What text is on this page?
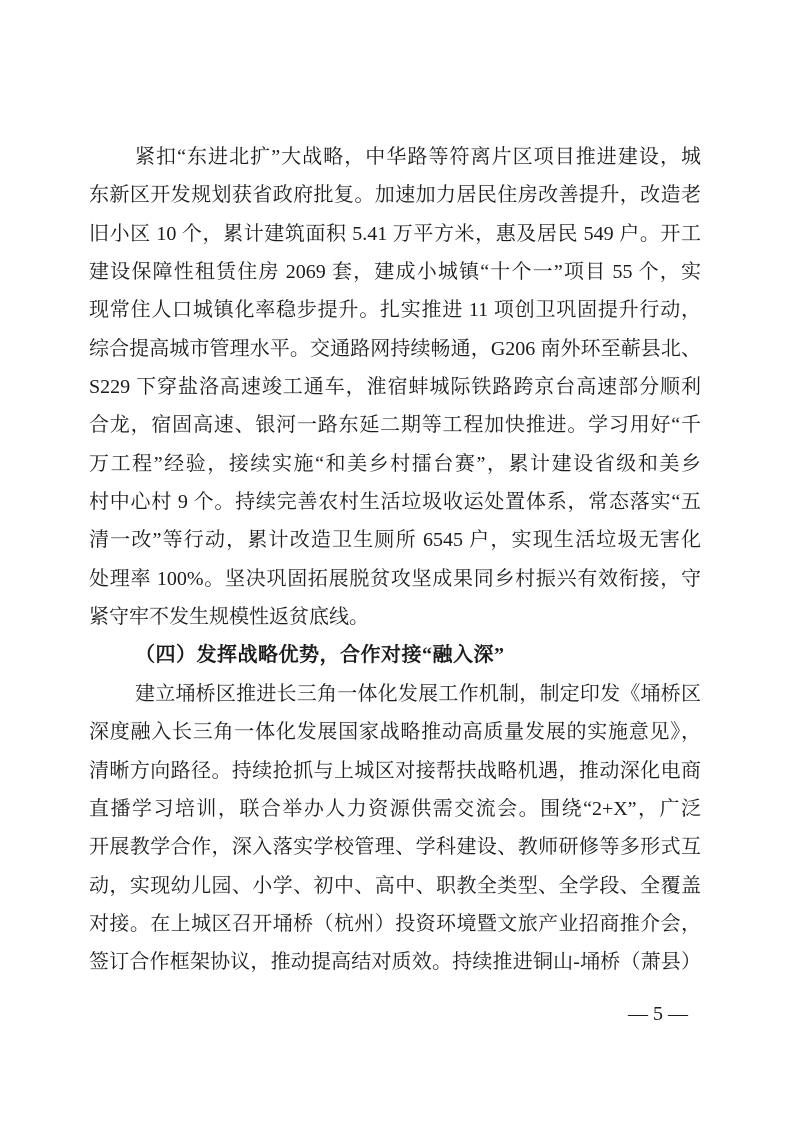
紧扣“东进北扩”大战略，中华路等符离片区项目推进建设，城
东新区开发规划获省政府批复。加速加力居民住房改善提升，改造老
旧小区 10 个，累计建筑面积 5.41 万平方米，惠及居民 549 户。开工
建设保障性租赁住房 2069 套，建成小城镇“十个一”项目 55 个，实
现常住人口城镇化率稳步提升。扎实推进 11 项创卫巩固提升行动，
综合提高城市管理水平。交通路网持续畅通，G206 南外环至蕲县北、
S229 下穿盐洛高速竣工通车，淮宿蚌城际铁路跨京台高速部分顺利
合龙，宿固高速、银河一路东延二期等工程加快推进。学习用好“千
万工程”经验，接续实施“和美乡村擂台赛”，累计建设省级和美乡
村中心村 9 个。持续完善农村生活垃圾收运处置体系，常态落实“五
清一改”等行动，累计改造卫生厕所 6545 户，实现生活垃圾无害化
处理率 100%。坚决巩固拓展脱贫攻坚成果同乡村振兴有效衔接，守
紧守牢不发生规模性返贫底线。
（四）发挥战略优势，合作对接“融入深”
建立埇桥区推进长三角一体化发展工作机制，制定印发《埇桥区
深度融入长三角一体化发展国家战略推动高质量发展的实施意见》，
清晰方向路径。持续抢抓与上城区对接帮扶战略机遇，推动深化电商
直播学习培训，联合举办人力资源供需交流会。围绕“2+X”，广泛
开展教学合作，深入落实学校管理、学科建设、教师研修等多形式互
动，实现幼儿园、小学、初中、高中、职教全类型、全学段、全覆盖
对接。在上城区召开埇桥（杭州）投资环境暨文旅产业招商推介会，
签订合作框架协议，推动提高结对质效。持续推进铜山-埇桥（萧县）
— 5 —
